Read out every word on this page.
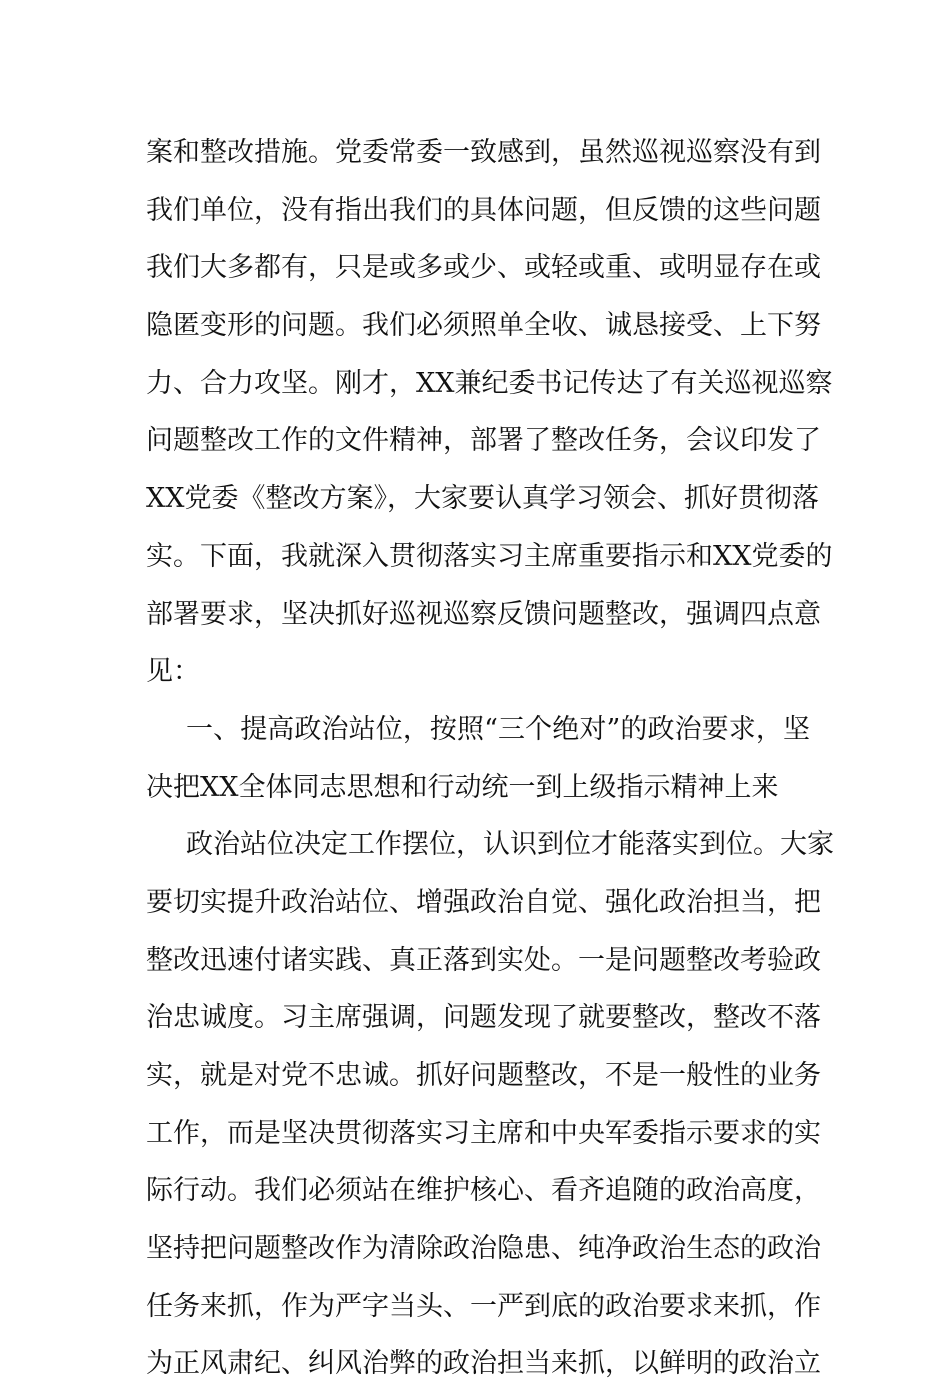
案和整改措施。党委常委一致感到，虽然巡视巡察没有到
我们单位，没有指出我们的具体问题，但反馈的这些问题
我们大多都有，只是或多或少、或轻或重、或明显存在或
隐匿变形的问题。我们必须照单全收、诚恳接受、上下努
力、合力攻坚。刚才，XX兼纪委书记传达了有关巡视巡察
问题整改工作的文件精神，部署了整改任务，会议印发了
XX党委《整改方案》，大家要认真学习领会、抓好贯彻落
实。下面，我就深入贯彻落实习主席重要指示和XX党委的
部署要求，坚决抓好巡视巡察反馈问题整改，强调四点意
见：
一、提高政治站位，按照“三个绝对”的政治要求，坚
决把XX全体同志思想和行动统一到上级指示精神上来
政治站位决定工作摆位，认识到位才能落实到位。大家
要切实提升政治站位、增强政治自觉、强化政治担当，把
整改迅速付诸实践、真正落到实处。一是问题整改考验政
治忠诚度。习主席强调，问题发现了就要整改，整改不落
实，就是对党不忠诚。抓好问题整改，不是一般性的业务
工作，而是坚决贯彻落实习主席和中央军委指示要求的实
际行动。我们必须站在维护核心、看齐追随的政治高度，
坚持把问题整改作为清除政治隐患、纯净政治生态的政治
任务来抓，作为严字当头、一严到底的政治要求来抓，作
为正风肃纪、纠风治弊的政治担当来抓，以鲜明的政治立
